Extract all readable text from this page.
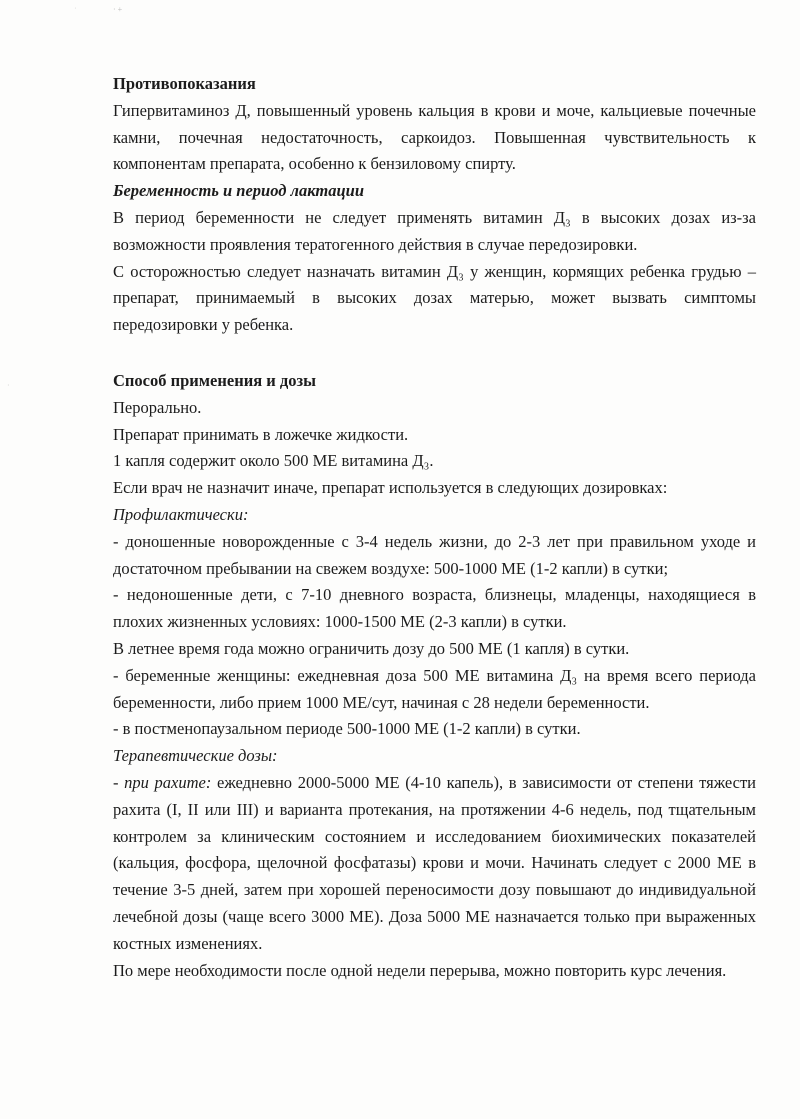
˙	·+
·

Противопоказания

Гипервитаминоз Д, повышенный уровень кальция в крови и моче, кальциевые почечные камни, почечная недостаточность, саркоидоз. Повышенная чувствительность к компонентам препарата, особенно к бензиловому спирту.

Беременность и период лактации

В период беременности не следует применять витамин Д₃ в высоких дозах из-за возможности проявления тератогенного действия в случае передозировки.

С осторожностью следует назначать витамин Д₃ у женщин, кормящих ребенка грудью – препарат, принимаемый в высоких дозах матерью, может вызвать симптомы передозировки у ребенка.

Способ применения и дозы

Перорально.

Препарат принимать в ложечке жидкости.

1 капля содержит около 500 МЕ витамина Д₃.

Если врач не назначит иначе, препарат используется в следующих дозировках:

Профилактически:

- доношенные новорожденные с 3-4 недель жизни, до 2-3 лет при правильном уходе и достаточном пребывании на свежем воздухе: 500-1000 МЕ (1-2 капли) в сутки;

- недоношенные дети, с 7-10 дневного возраста, близнецы, младенцы, находящиеся в плохих жизненных условиях: 1000-1500 МЕ (2-3 капли) в сутки.

В летнее время года можно ограничить дозу до 500 МЕ (1 капля) в сутки.

- беременные женщины: ежедневная доза 500 МЕ витамина Д₃ на время всего периода беременности, либо прием 1000 МЕ/сут, начиная с 28 недели беременности.

- в постменопаузальном периоде 500-1000 МЕ (1-2 капли) в сутки.

Терапевтические дозы:

- при рахите: ежедневно 2000-5000 МЕ (4-10 капель), в зависимости от степени тяжести рахита (I, II или III) и варианта протекания, на протяжении 4-6 недель, под тщательным контролем за клиническим состоянием и исследованием биохимических показателей (кальция, фосфора, щелочной фосфатазы) крови и мочи. Начинать следует с 2000 МЕ в течение 3-5 дней, затем при хорошей переносимости дозу повышают до индивидуальной лечебной дозы (чаще всего 3000 МЕ). Доза 5000 МЕ назначается только при выраженных костных изменениях.

По мере необходимости после одной недели перерыва, можно повторить курс лечения.
